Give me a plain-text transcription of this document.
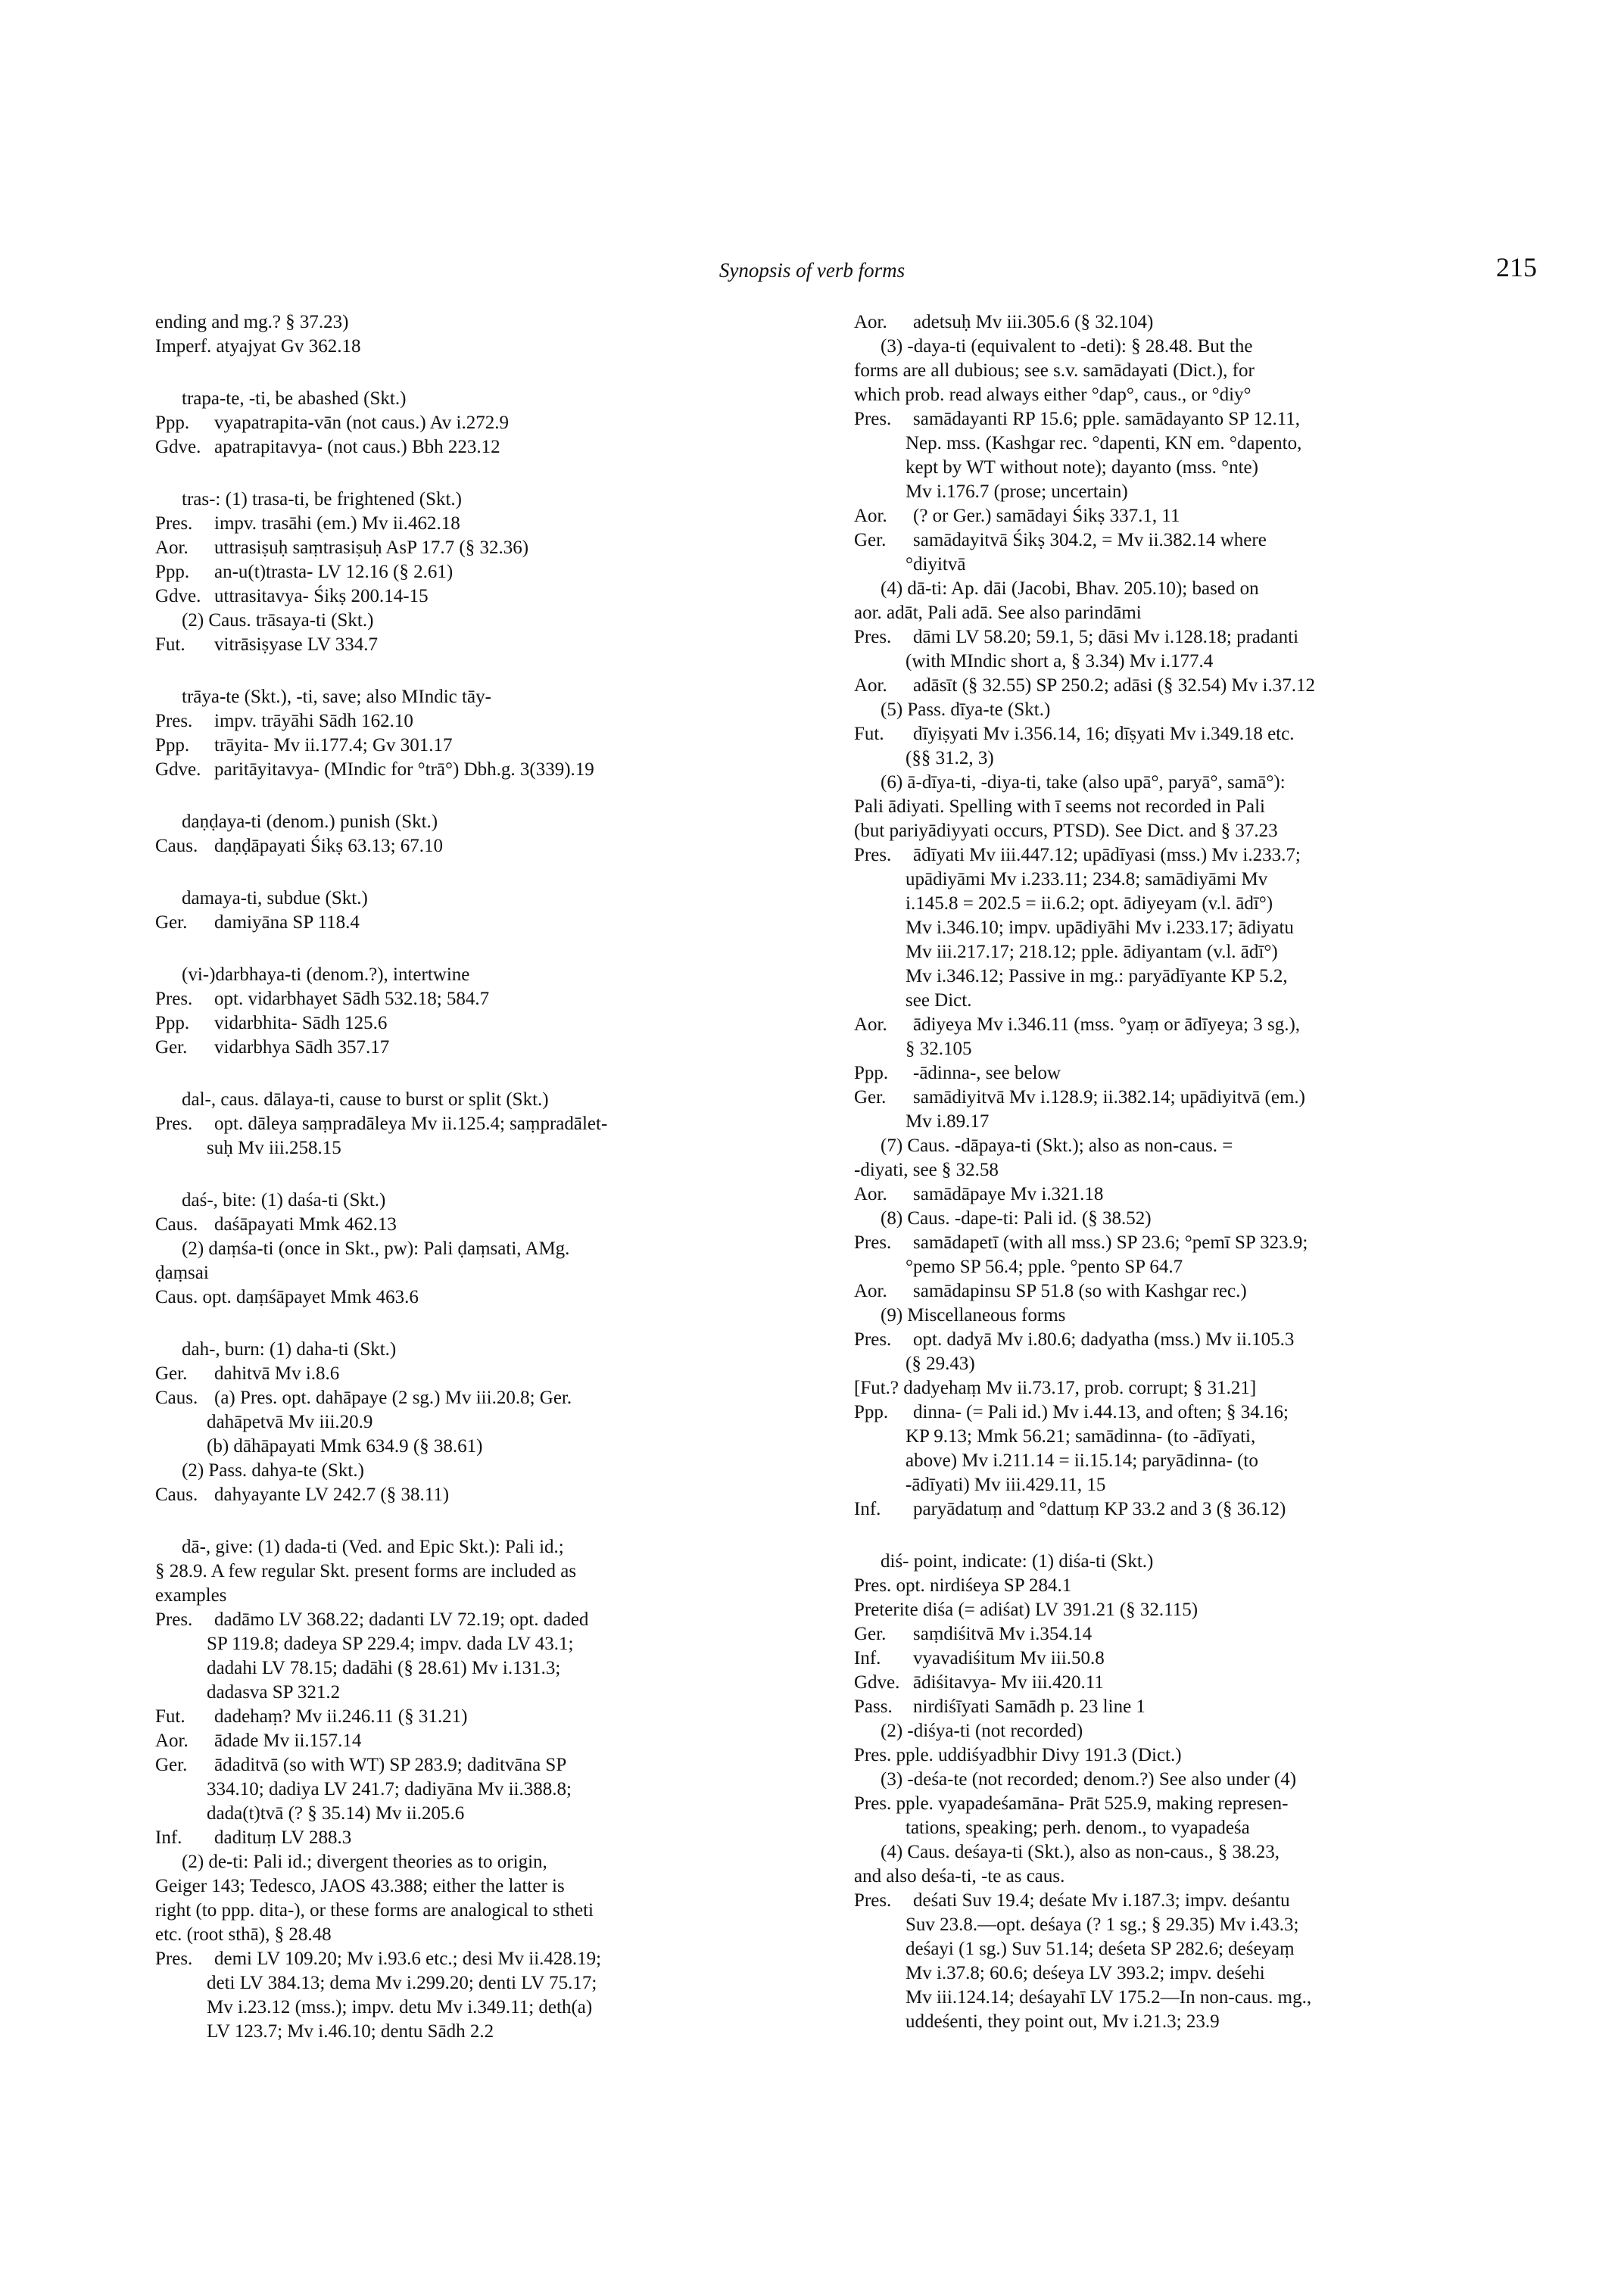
Synopsis of verb forms	215
ending and mg.? § 37.23)
Imperf. atyajyat Gv 362.18
trapa-te, -ti, be abashed (Skt.)
Ppp. vyapatrapita-vān (not caus.) Av i.272.9
Gdve. apatrapitavya- (not caus.) Bbh 223.12
tras-: (1) trasa-ti, be frightened (Skt.)
Pres. impv. trasāhi (em.) Mv ii.462.18
Aor. uttrasiṣuḥ saṃtrasiṣuḥ AsP 17.7 (§ 32.36)
Ppp. an-u(t)trasta- LV 12.16 (§ 2.61)
Gdve. uttrasitavya- Śikṣ 200.14-15
(2) Caus. trāsaya-ti (Skt.)
Fut. vitrāsiṣyase LV 334.7
trāya-te (Skt.), -ti, save; also MIndic tāy-
Pres. impv. trāyāhi Sādh 162.10
Ppp. trāyita- Mv ii.177.4; Gv 301.17
Gdve. paritāyitavya- (MIndic for °trā°) Dbh.g. 3(339).19
daṇḍaya-ti (denom.) punish (Skt.)
Caus. daṇḍāpayati Śikṣ 63.13; 67.10
damaya-ti, subdue (Skt.)
Ger. damiyāna SP 118.4
(vi-)darbhaya-ti (denom.?), intertwine
Pres. opt. vidarbhayet Sādh 532.18; 584.7
Ppp. vidarbhita- Sādh 125.6
Ger. vidarbhya Sādh 357.17
dal-, caus. dālaya-ti, cause to burst or split (Skt.)
Pres. opt. dāleya saṃpradāleya Mv ii.125.4; saṃpradālet-
suḥ Mv iii.258.15
daś-, bite: (1) daśa-ti (Skt.)
Caus. daśāpayati Mmk 462.13
(2) daṃśa-ti (once in Skt., pw): Pali ḍaṃsati, AMg.
ḍaṃsai
Caus. opt. daṃśāpayet Mmk 463.6
dah-, burn: (1) daha-ti (Skt.)
Ger. dahitvā Mv i.8.6
Caus. (a) Pres. opt. dahāpaye (2 sg.) Mv iii.20.8; Ger.
dahāpetvā Mv iii.20.9
(b) dāhāpayati Mmk 634.9 (§ 38.61)
(2) Pass. dahya-te (Skt.)
Caus. dahyayante LV 242.7 (§ 38.11)
dā-, give: (1) dada-ti (Ved. and Epic Skt.): Pali id.;
§ 28.9. A few regular Skt. present forms are included as
examples
Pres. dadāmo LV 368.22; dadanti LV 72.19; opt. daded
SP 119.8; dadeya SP 229.4; impv. dada LV 43.1;
dadahi LV 78.15; dadāhi (§ 28.61) Mv i.131.3;
dadasva SP 321.2
Fut. dadehaṃ? Mv ii.246.11 (§ 31.21)
Aor. ādade Mv ii.157.14
Ger. ādaditvā (so with WT) SP 283.9; daditvāna SP
334.10; dadiya LV 241.7; dadiyāna Mv ii.388.8;
dada(t)tvā (? § 35.14) Mv ii.205.6
Inf. dadituṃ LV 288.3
(2) de-ti: Pali id.; divergent theories as to origin,
Geiger 143; Tedesco, JAOS 43.388; either the latter is
right (to ppp. dita-), or these forms are analogical to stheti
etc. (root sthā), § 28.48
Pres. demi LV 109.20; Mv i.93.6 etc.; desi Mv ii.428.19;
deti LV 384.13; dema Mv i.299.20; denti LV 75.17;
Mv i.23.12 (mss.); impv. detu Mv i.349.11; deth(a)
LV 123.7; Mv i.46.10; dentu Sādh 2.2
Aor. adetsuḥ Mv iii.305.6 (§ 32.104)
(3) -daya-ti (equivalent to -deti): § 28.48. But the
forms are all dubious; see s.v. samādayati (Dict.), for
which prob. read always either °dap°, caus., or °diy°
Pres. samādayanti RP 15.6; pple. samādayanto SP 12.11,
Nep. mss. (Kashgar rec. °dapenti, KN em. °dapento,
kept by WT without note); dayanto (mss. °nte)
Mv i.176.7 (prose; uncertain)
Aor. (? or Ger.) samādayi Śikṣ 337.1, 11
Ger. samādayitvā Śikṣ 304.2, = Mv ii.382.14 where
°diyitvā
(4) dā-ti: Ap. dāi (Jacobi, Bhav. 205.10); based on
aor. adāt, Pali adā. See also parindāmi
Pres. dāmi LV 58.20; 59.1, 5; dāsi Mv i.128.18; pradanti
(with MIndic short a, § 3.34) Mv i.177.4
Aor. adāsīt (§ 32.55) SP 250.2; adāsi (§ 32.54) Mv i.37.12
(5) Pass. dīya-te (Skt.)
Fut. dīyiṣyati Mv i.356.14, 16; dīṣyati Mv i.349.18 etc.
(§§ 31.2, 3)
(6) ā-dīya-ti, -diya-ti, take (also upā°, paryā°, samā°):
Pali ādiyati. Spelling with ī seems not recorded in Pali
(but pariyādiyyati occurs, PTSD). See Dict. and § 37.23
Pres. ādīyati Mv iii.447.12; upādīyasi (mss.) Mv i.233.7;
upādiyāmi Mv i.233.11; 234.8; samādiyāmi Mv
i.145.8 = 202.5 = ii.6.2; opt. ādiyeyam (v.l. ādī°)
Mv i.346.10; impv. upādiyāhi Mv i.233.17; ādiyatu
Mv iii.217.17; 218.12; pple. ādiyantam (v.l. ādī°)
Mv i.346.12; Passive in mg.: paryādīyante KP 5.2,
see Dict.
Aor. ādiyeya Mv i.346.11 (mss. °yaṃ or ādīyeya; 3 sg.),
§ 32.105
Ppp. -ādinna-, see below
Ger. samādiyitvā Mv i.128.9; ii.382.14; upādiyitvā (em.)
Mv i.89.17
(7) Caus. -dāpaya-ti (Skt.); also as non-caus. =
-diyati, see § 32.58
Aor. samādāpaye Mv i.321.18
(8) Caus. -dape-ti: Pali id. (§ 38.52)
Pres. samādapetī (with all mss.) SP 23.6; °pemī SP 323.9;
°pemo SP 56.4; pple. °pento SP 64.7
Aor. samādapinsu SP 51.8 (so with Kashgar rec.)
(9) Miscellaneous forms
Pres. opt. dadyā Mv i.80.6; dadyatha (mss.) Mv ii.105.3
(§ 29.43)
[Fut.? dadyehaṃ Mv ii.73.17, prob. corrupt; § 31.21]
Ppp. dinna- (= Pali id.) Mv i.44.13, and often; § 34.16;
KP 9.13; Mmk 56.21; samādinna- (to -ādīyati,
above) Mv i.211.14 = ii.15.14; paryādinna- (to
-ādīyati) Mv iii.429.11, 15
Inf. paryādatuṃ and °dattuṃ KP 33.2 and 3 (§ 36.12)
diś- point, indicate: (1) diśa-ti (Skt.)
Pres. opt. nirdiśeya SP 284.1
Preterite diśa (= adiśat) LV 391.21 (§ 32.115)
Ger. saṃdiśitvā Mv i.354.14
Inf. vyavadiśitum Mv iii.50.8
Gdve. ādiśitavya- Mv iii.420.11
Pass. nirdiśīyati Samādh p. 23 line 1
(2) -diśya-ti (not recorded)
Pres. pple. uddiśyadbhir Divy 191.3 (Dict.)
(3) -deśa-te (not recorded; denom.?) See also under (4)
Pres. pple. vyapadeśamāna- Prāt 525.9, making represen-
tations, speaking; perh. denom., to vyapadeśa
(4) Caus. deśaya-ti (Skt.), also as non-caus., § 38.23,
and also deśa-ti, -te as caus.
Pres. deśati Suv 19.4; deśate Mv i.187.3; impv. deśantu
Suv 23.8.—opt. deśaya (? 1 sg.; § 29.35) Mv i.43.3;
deśayi (1 sg.) Suv 51.14; deśeta SP 282.6; deśeyaṃ
Mv i.37.8; 60.6; deśeya LV 393.2; impv. deśehi
Mv iii.124.14; deśayahī LV 175.2—In non-caus. mg.,
uddeśenti, they point out, Mv i.21.3; 23.9
